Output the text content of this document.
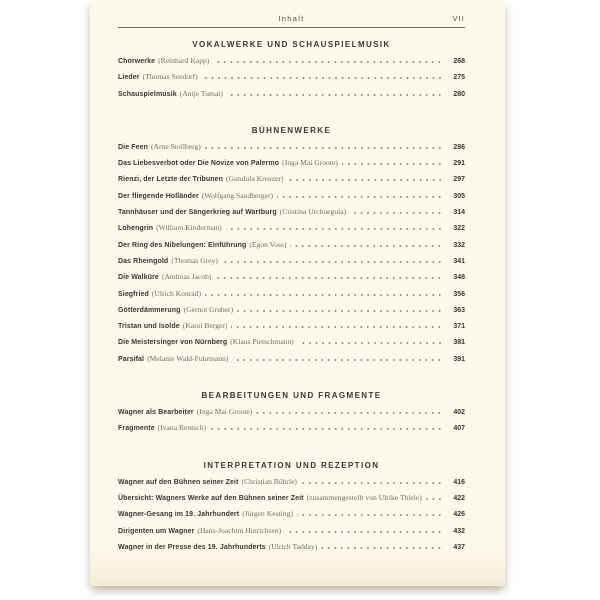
Inhalt	VII
VOKALWERKE UND SCHAUSPIELMUSIK
Chorwerke (Reinhard Kapp)	268
Lieder (Thomas Seedorf)	275
Schauspielmusik (Antje Tumat)	280
BÜHNENWERKE
Die Feen (Arne Stollberg)	286
Das Liebesverbot oder Die Novize von Palermo (Inga Mai Groote)	291
Rienzi, der Letzte der Tribunen (Gundula Kreuzer)	297
Der fliegende Holländer (Wolfgang Sandberger)	305
Tannhäuser und der Sängerkrieg auf Wartburg (Cristina Urchueguía)	314
Lohengrin (William Kinderman)	322
Der Ring des Nibelungen: Einführung (Egon Voss)	332
Das Rheingold (Thomas Grey)	341
Die Walküre (Andreas Jacob)	348
Siegfried (Ulrich Konrad)	356
Götterdämmerung (Gernot Gruber)	363
Tristan und Isolde (Karol Berger)	371
Die Meistersinger von Nürnberg (Klaus Pietschmann)	381
Parsifal (Melanie Wald-Fuhrmann)	391
BEARBEITUNGEN UND FRAGMENTE
Wagner als Bearbeiter (Inga Mai Groote)	402
Fragmente (Ivana Rentsch)	407
INTERPRETATION UND REZEPTION
Wagner auf den Bühnen seiner Zeit (Christian Bührle)	416
Übersicht: Wagners Werke auf den Bühnen seiner Zeit (zusammengestellt von Ulrike Thiele)	422
Wagner-Gesang im 19. Jahrhundert (Jürgen Kesting)	426
Dirigenten um Wagner (Hans-Joachim Hinrichsen)	432
Wagner in der Presse des 19. Jahrhunderts (Ulrich Tadday)	437
